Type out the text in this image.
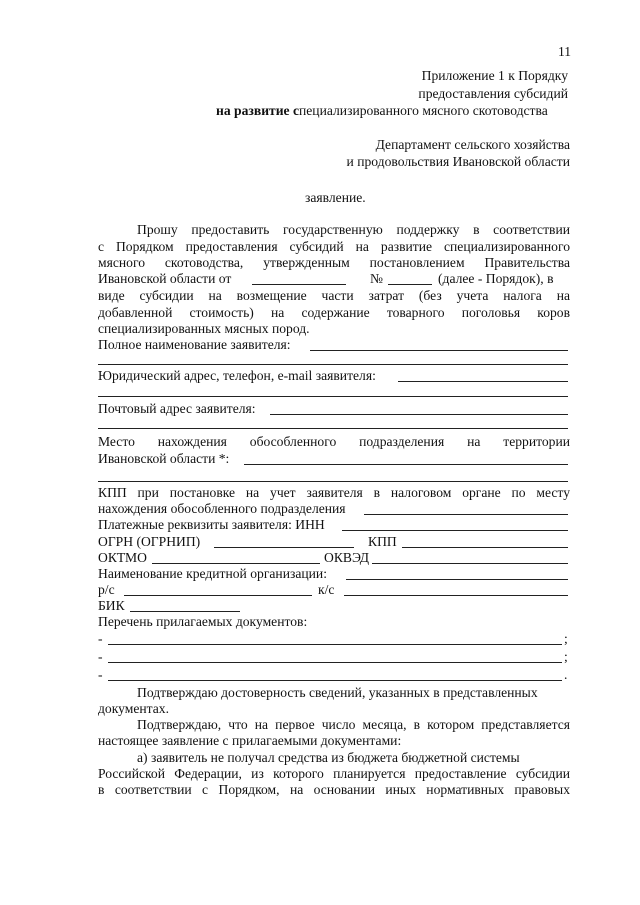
11
Приложение 1 к Порядку
предоставления субсидий
на развитие специализированного мясного скотоводства
Департамент сельского хозяйства
и продовольствия Ивановской области
заявление.
Прошу предоставить государственную поддержку в соответствии
с Порядком предоставления субсидий на развитие специализированного
мясного скотоводства, утвержденным постановлением Правительства
Ивановской области от	№	(далее - Порядок), в
виде субсидии на возмещение части затрат (без учета налога на
добавленной стоимость) на содержание товарного поголовья коров
специализированных мясных пород.
Полное наименование заявителя:
Юридический адрес, телефон, e-mail заявителя:
Почтовый адрес заявителя:
Место нахождения обособленного подразделения на территории
Ивановской области *:
КПП при постановке на учет заявителя в налоговом органе по месту
нахождения обособленного подразделения
Платежные реквизиты заявителя: ИНН
ОГРН (ОГРНИП)	КПП
ОКТМО	ОКВЭД
Наименование кредитной организации:
р/с	к/с
БИК
Перечень прилагаемых документов:
-	;
-	;
-	.
Подтверждаю достоверность сведений, указанных в представленных
документах.
Подтверждаю, что на первое число месяца, в котором представляется
настоящее заявление с прилагаемыми документами:
а) заявитель не получал средства из бюджета бюджетной системы
Российской Федерации, из которого планируется предоставление субсидии
в соответствии с Порядком, на основании иных нормативных правовых
